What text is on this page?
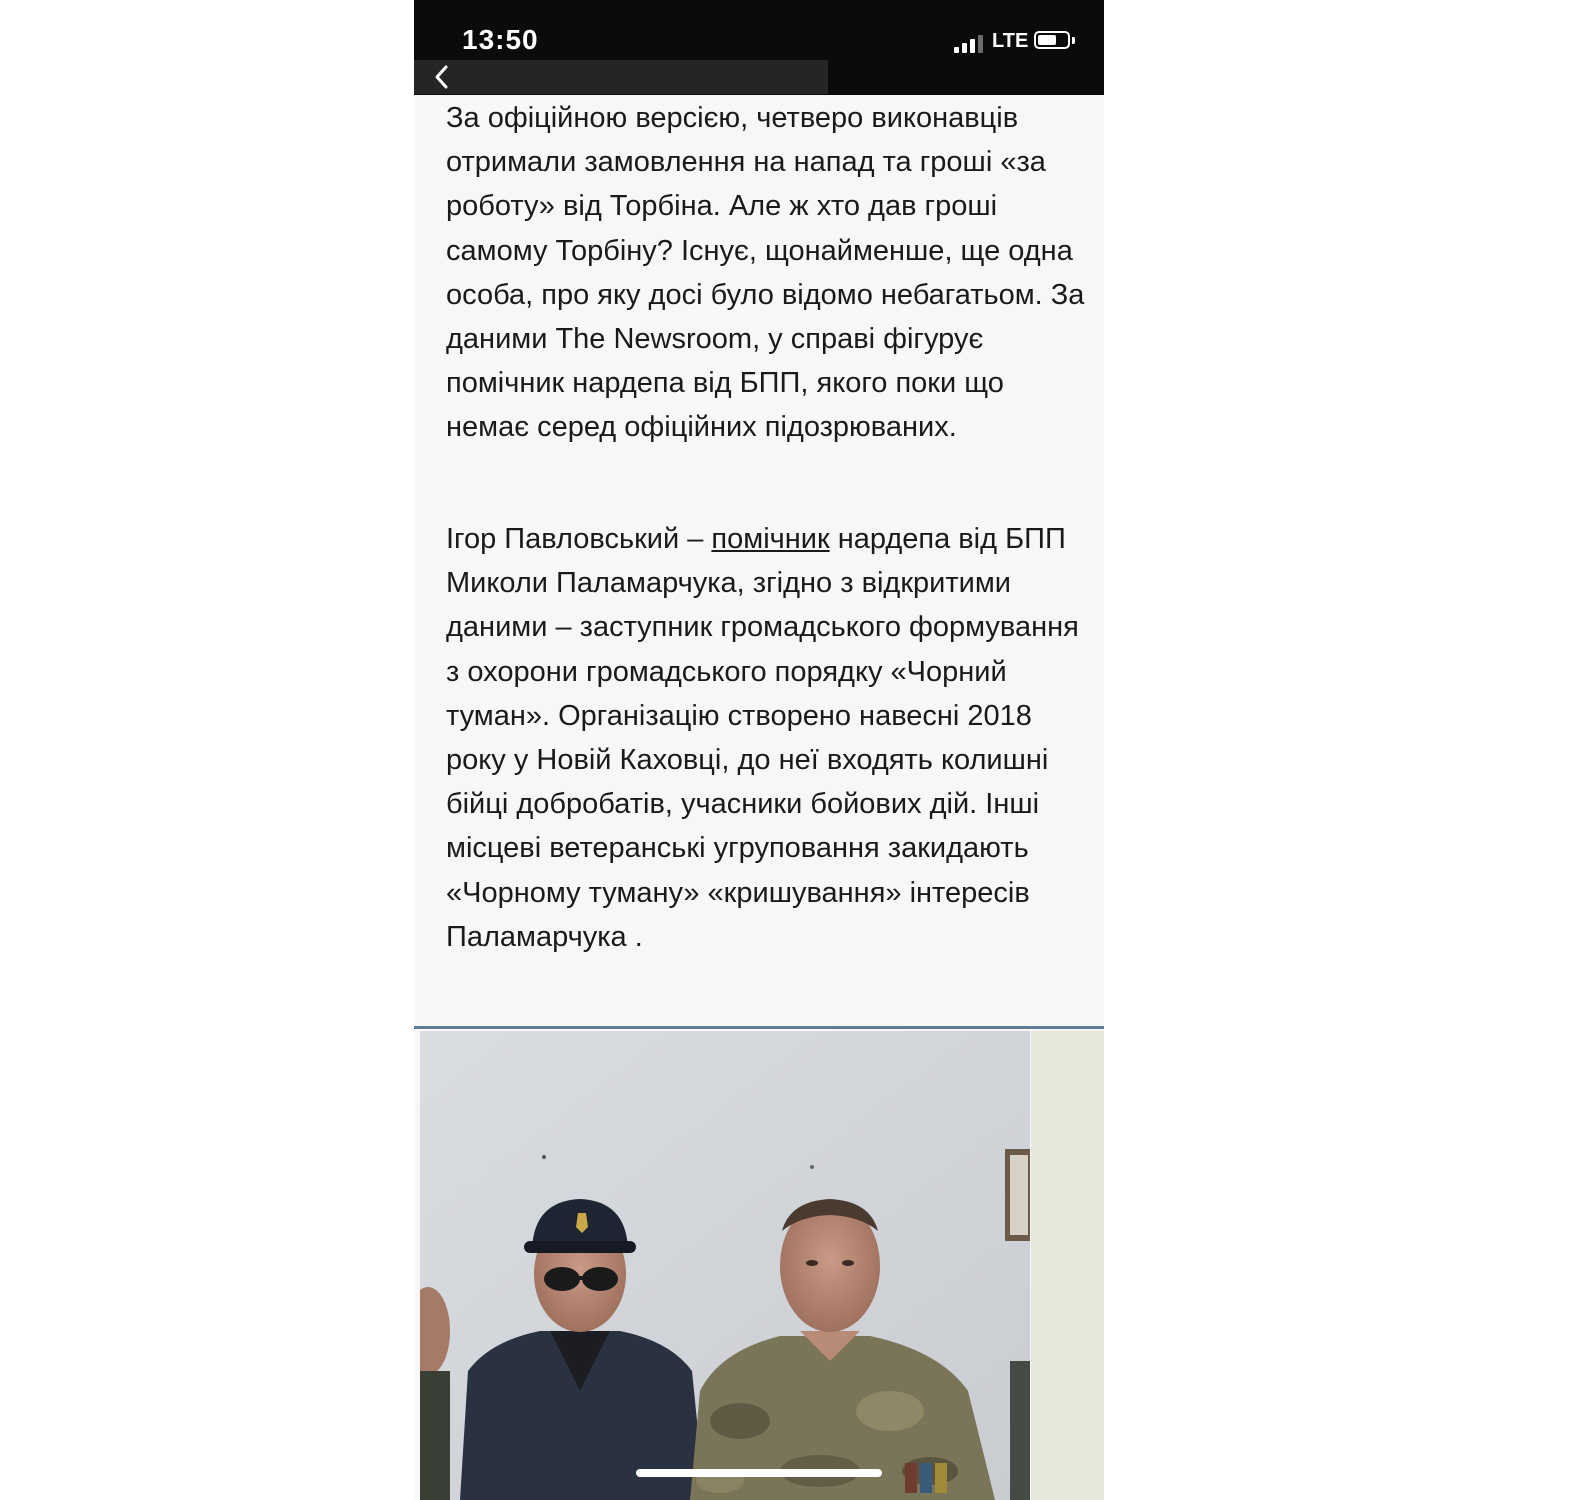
13:50	LTE

За офіційною версією, четверо виконавців отримали замовлення на напад та гроші «за роботу» від Торбіна. Але ж хто дав гроші самому Торбіну? Існує, щонайменше, ще одна особа, про яку досі було відомо небагатьом. За даними The Newsroom, у справі фігурує помічник нардепа від БПП, якого поки що немає серед офіційних підозрюваних.

Ігор Павловський – помічник нардепа від БПП Миколи Паламарчука, згідно з відкритими даними – заступник громадського формування з охорони громадського порядку «Чорний туман». Організацію створено навесні 2018 року у Новій Каховці, до неї входять колишні бійці добробатів, учасники бойових дій. Інші місцеві ветеранські угруповання закидають «Чорному туману» «кришування» інтересів Паламарчука .
